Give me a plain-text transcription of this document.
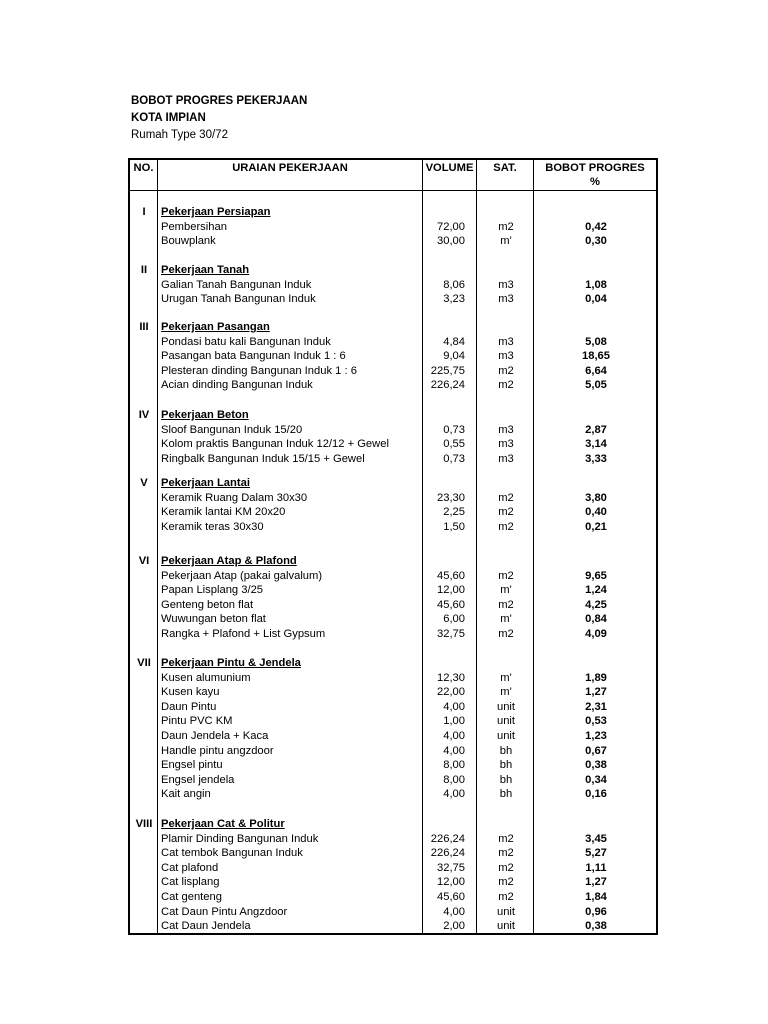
BOBOT PROGRES PEKERJAAN
KOTA IMPIAN
Rumah Type 30/72
NO.	URAIAN PEKERJAAN	VOLUME	SAT.	BOBOT PROGRES
%
I	Pekerjaan Persiapan
Pembersihan	72,00	m2	0,42
Bouwplank	30,00	m'	0,30
II	Pekerjaan Tanah
Galian Tanah Bangunan Induk	8,06	m3	1,08
Urugan Tanah Bangunan Induk	3,23	m3	0,04
III	Pekerjaan Pasangan
Pondasi batu kali Bangunan Induk	4,84	m3	5,08
Pasangan bata Bangunan Induk 1 : 6	9,04	m3	18,65
Plesteran dinding Bangunan Induk 1 : 6	225,75	m2	6,64
Acian dinding Bangunan Induk	226,24	m2	5,05
IV	Pekerjaan Beton
Sloof Bangunan Induk 15/20	0,73	m3	2,87
Kolom praktis Bangunan Induk 12/12 + Gewel	0,55	m3	3,14
Ringbalk Bangunan Induk 15/15 + Gewel	0,73	m3	3,33
V	Pekerjaan Lantai
Keramik Ruang Dalam 30x30	23,30	m2	3,80
Keramik lantai KM 20x20	2,25	m2	0,40
Keramik teras 30x30	1,50	m2	0,21
VI	Pekerjaan Atap & Plafond
Pekerjaan Atap (pakai galvalum)	45,60	m2	9,65
Papan Lisplang 3/25	12,00	m'	1,24
Genteng beton flat	45,60	m2	4,25
Wuwungan beton flat	6,00	m'	0,84
Rangka + Plafond + List Gypsum	32,75	m2	4,09
VII Pekerjaan Pintu & Jendela
Kusen alumunium	12,30	m'	1,89
Kusen kayu	22,00	m'	1,27
Daun Pintu	4,00	unit	2,31
Pintu PVC KM	1,00	unit	0,53
Daun Jendela + Kaca	4,00	unit	1,23
Handle pintu angzdoor	4,00	bh	0,67
Engsel pintu	8,00	bh	0,38
Engsel jendela	8,00	bh	0,34
Kait angin	4,00	bh	0,16
VIII Pekerjaan Cat & Politur
Plamir Dinding Bangunan Induk	226,24	m2	3,45
Cat tembok Bangunan Induk	226,24	m2	5,27
Cat plafond	32,75	m2	1,11
Cat lisplang	12,00	m2	1,27
Cat genteng	45,60	m2	1,84
Cat Daun Pintu Angzdoor	4,00	unit	0,96
Cat Daun Jendela	2,00	unit	0,38
